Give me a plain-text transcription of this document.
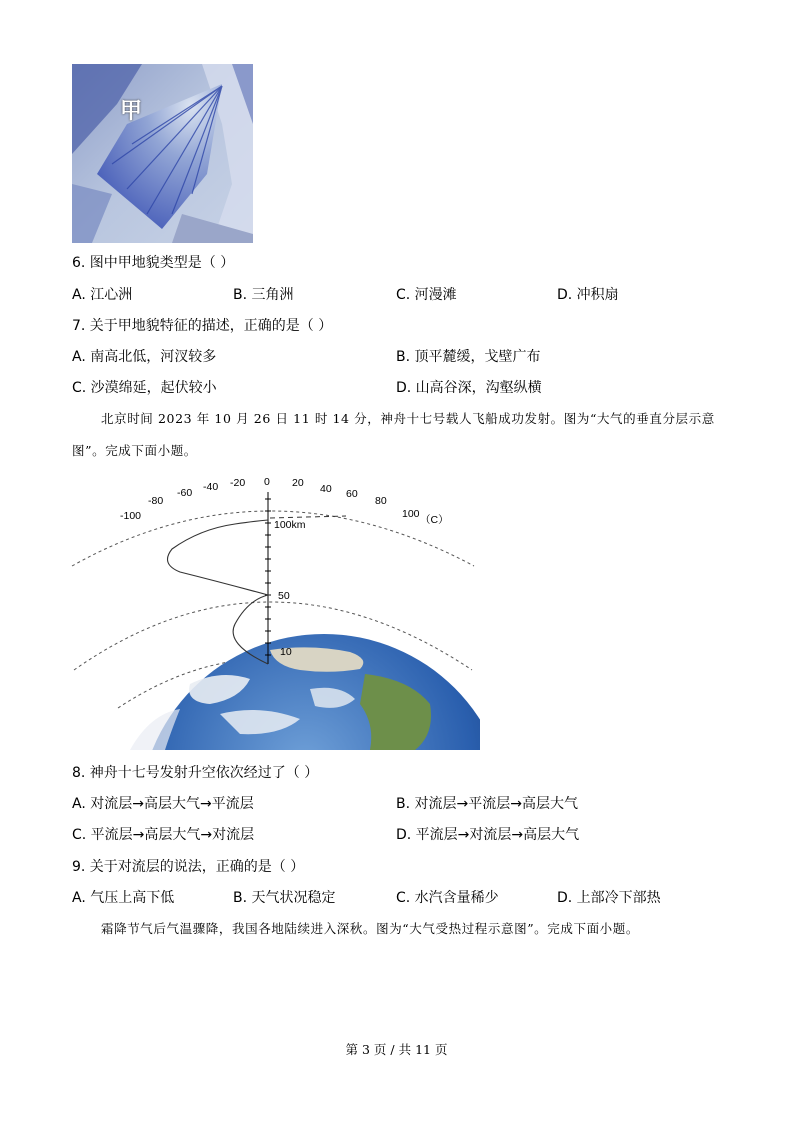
甲
6. 图中甲地貌类型是（ ）
A. 江心洲	B. 三角洲	C. 河漫滩	D. 冲积扇
7. 关于甲地貌特征的描述，正确的是（ ）
A. 南高北低，河汊较多	B. 顶平麓缓，戈壁广布
C. 沙漠绵延，起伏较小	D. 山高谷深，沟壑纵横
北京时间 2023 年 10 月 26 日 11 时 14 分，神舟十七号载人飞船成功发射。图为“大气的垂直分层示意
图”。完成下面小题。
-100
-80
-60 -40 -20 0 20 40 60
80
100
100km
50
10
（C）
8. 神舟十七号发射升空依次经过了（ ）
A. 对流层→高层大气→平流层	B. 对流层→平流层→高层大气
C. 平流层→高层大气→对流层	D. 平流层→对流层→高层大气
9. 关于对流层的说法，正确的是（ ）
A. 气压上高下低	B. 天气状况稳定	C. 水汽含量稀少	D. 上部冷下部热
霜降节气后气温骤降，我国各地陆续进入深秋。图为“大气受热过程示意图”。完成下面小题。
第 3 页 / 共 11 页
